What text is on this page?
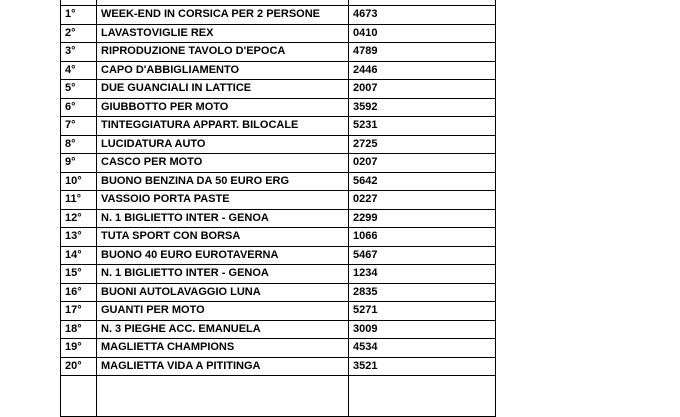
1°	WEEK-END IN CORSICA PER 2 PERSONE	4673
2°	LAVASTOVIGLIE REX	0410
3°	RIPRODUZIONE TAVOLO D'EPOCA	4789
4°	CAPO D'ABBIGLIAMENTO	2446
5°	DUE GUANCIALI IN LATTICE	2007
6°	GIUBBOTTO PER MOTO	3592
7°	TINTEGGIATURA APPART. BILOCALE	5231
8°	LUCIDATURA AUTO	2725
9°	CASCO PER MOTO	0207
10°	BUONO BENZINA DA 50 EURO ERG	5642
11°	VASSOIO PORTA PASTE	0227
12°	N. 1 BIGLIETTO INTER - GENOA	2299
13°	TUTA SPORT CON BORSA	1066
14°	BUONO 40 EURO EUROTAVERNA	5467
15°	N. 1 BIGLIETTO INTER - GENOA	1234
16°	BUONI AUTOLAVAGGIO LUNA	2835
17°	GUANTI PER MOTO	5271
18°	N. 3 PIEGHE ACC. EMANUELA	3009
19°	MAGLIETTA CHAMPIONS	4534
20°	MAGLIETTA VIDA A PITITINGA	3521
